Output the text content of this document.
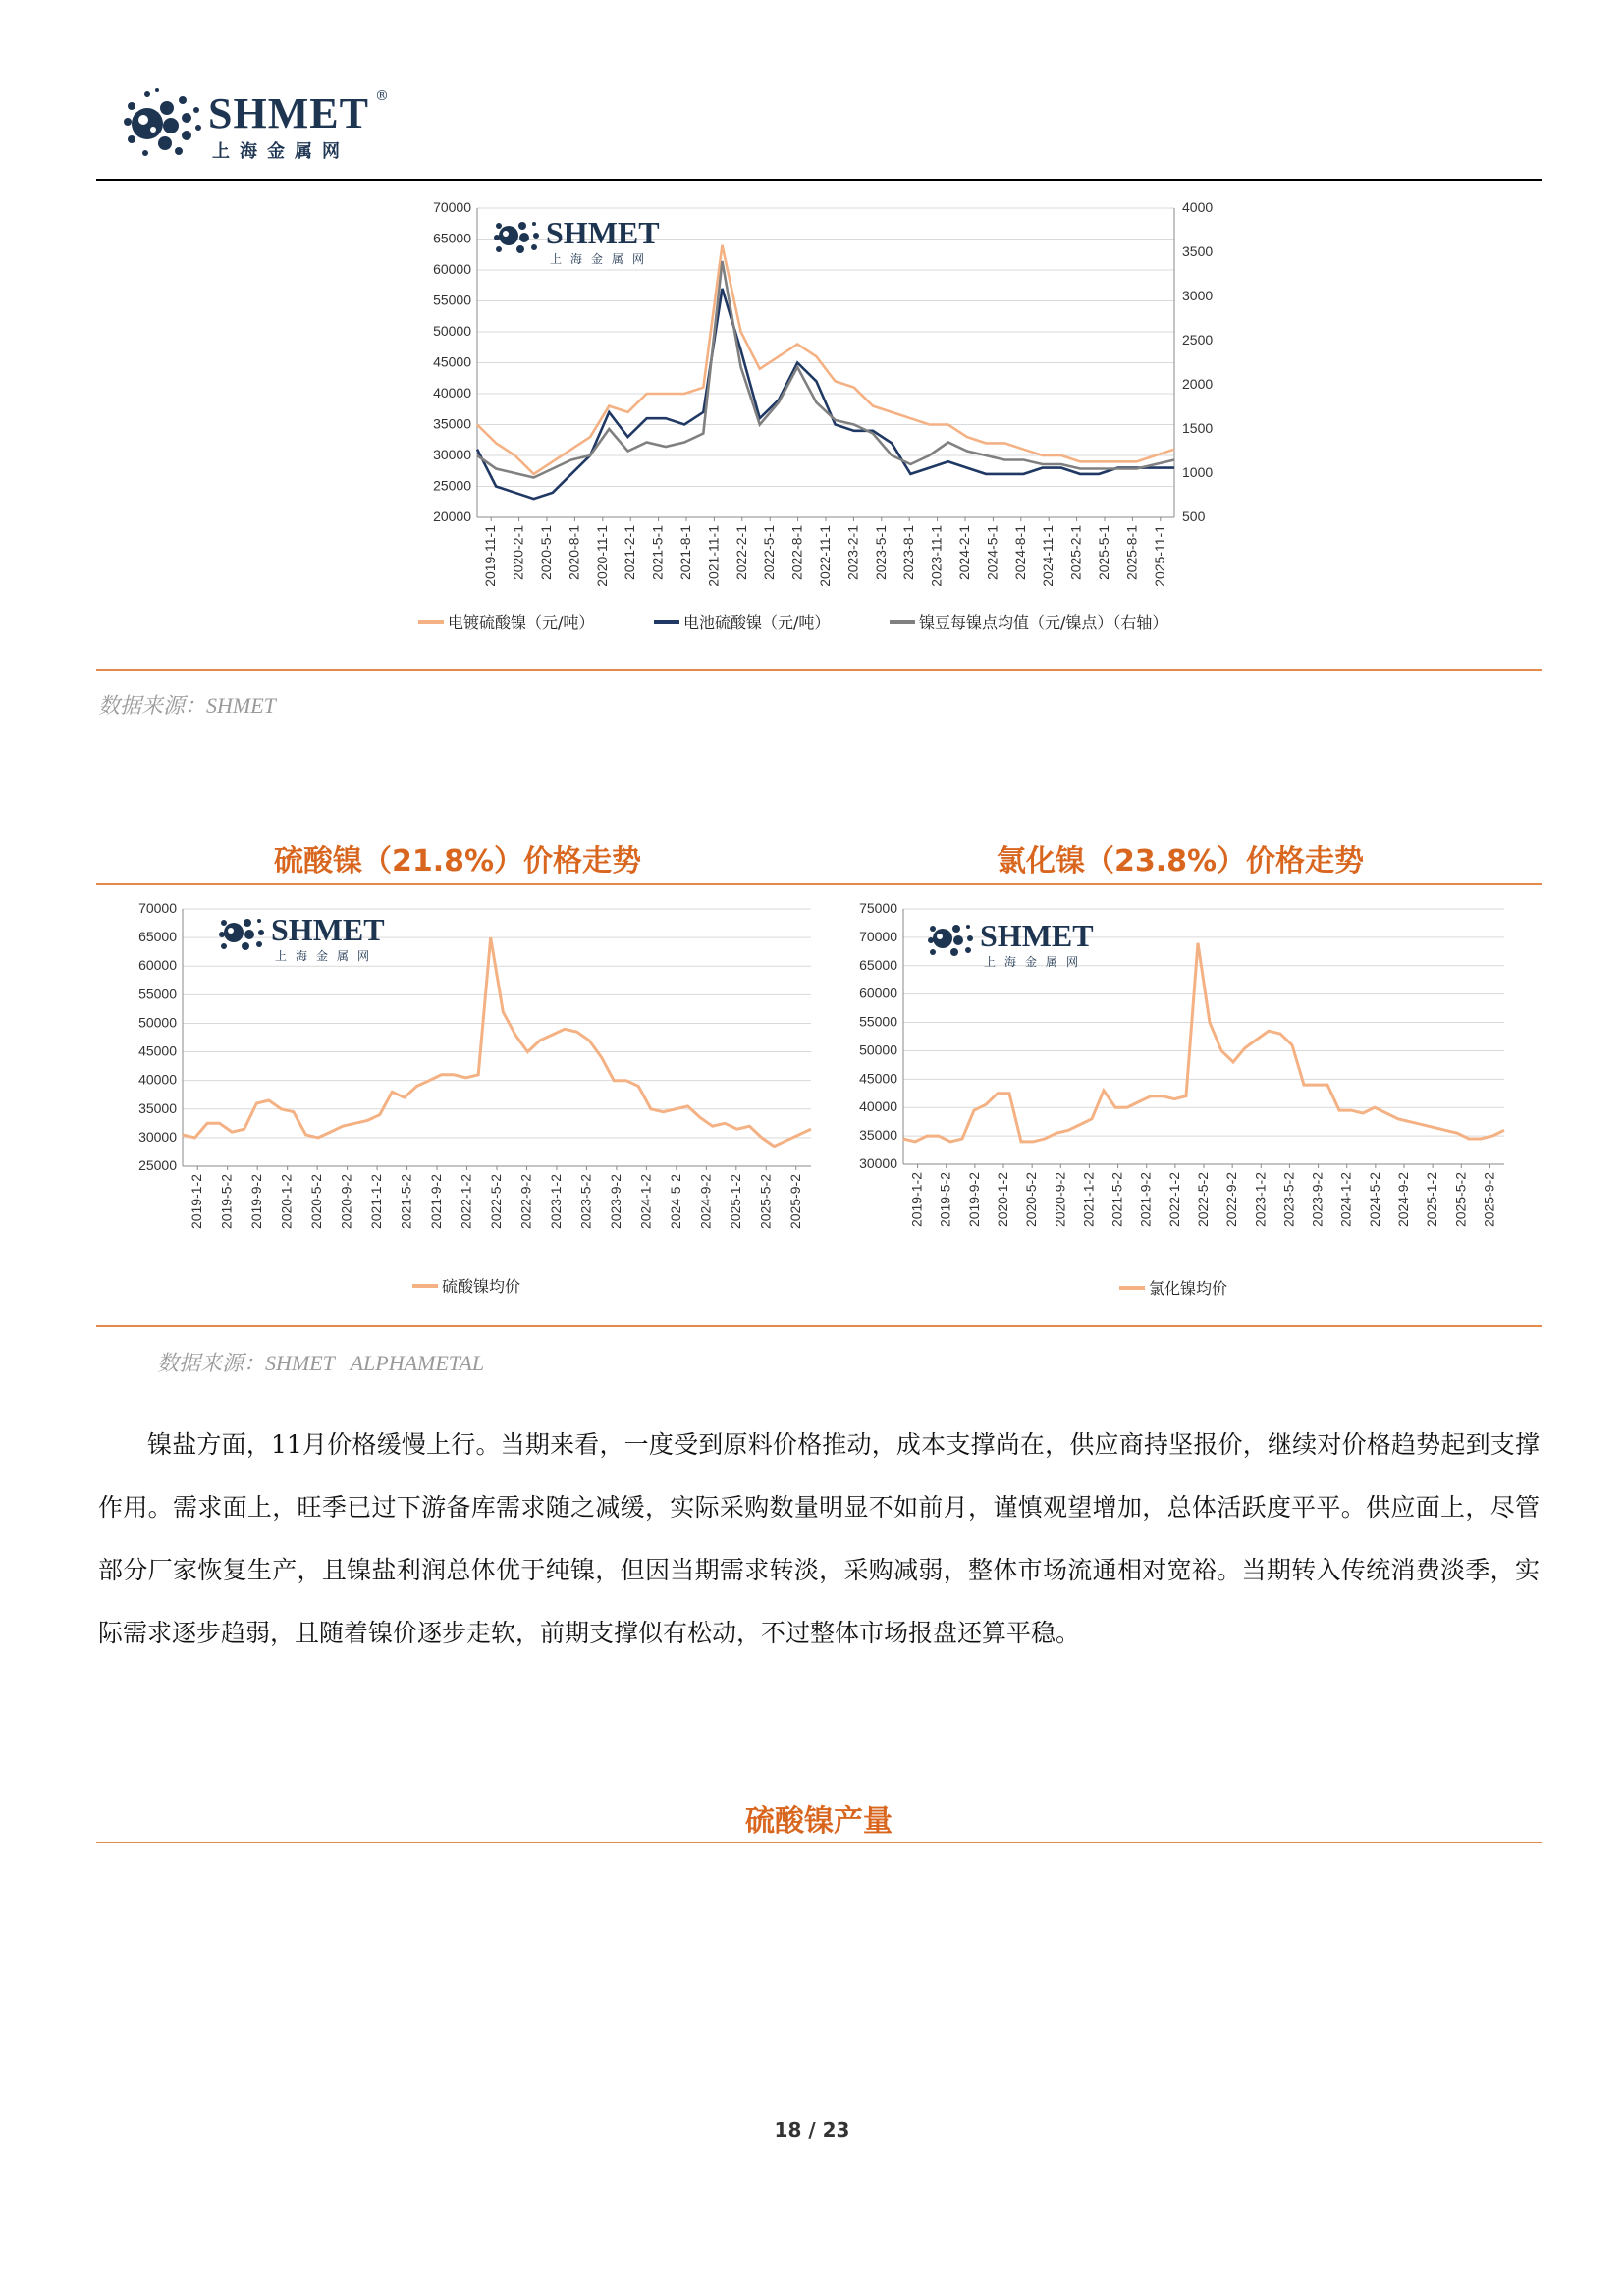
SHMET ®
上海金属网
20000
25000
30000
35000
40000
45000
50000
55000
60000
65000
70000
500
1000
1500
2000
2500
3000
3500
4000
2019-11-1 2020-2-1 2020-5-1 2020-8-1 2020-11-1 2021-2-1 2021-5-1 2021-8-1 2021-11-1 2022-2-1 2022-5-1 2022-8-1 2022-11-1 2023-2-1 2023-5-1 2023-8-1 2023-11-1 2024-2-1 2024-5-1 2024-8-1 2024-11-1 2025-2-1 2025-5-1 2025-8-1 2025-11-1
电镀硫酸镍（元/吨）	电池硫酸镍（元/吨）	镍豆每镍点均值（元/镍点）（右轴）
SHMET
上海金属网
数据来源：SHMET
硫酸镍（21.8%）价格走势	氯化镍（23.8%）价格走势
25000
30000
35000
40000
45000
50000
55000
60000
65000
70000
2019-1-2 2019-5-2 2019-9-2 2020-1-2 2020-5-2 2020-9-2 2021-1-2 2021-5-2 2021-9-2 2022-1-2 2022-5-2 2022-9-2 2023-1-2 2023-5-2 2023-9-2 2024-1-2 2024-5-2 2024-9-2 2025-1-2 2025-5-2 2025-9-2
硫酸镍均价
SHMET
上海金属网
30000
35000
40000
45000
50000
55000
60000
65000
70000
75000
2019-1-2 2019-5-2 2019-9-2 2020-1-2 2020-5-2 2020-9-2 2021-1-2 2021-5-2 2021-9-2 2022-1-2 2022-5-2 2022-9-2 2023-1-2 2023-5-2 2023-9-2 2024-1-2 2024-5-2 2024-9-2 2025-1-2 2025-5-2 2025-9-2
氯化镍均价
SHMET
上海金属网
数据来源：SHMET   ALPHAMETAL

镍盐方面，11月价格缓慢上行。当期来看，一度受到原料价格推动，成本支撑尚在，供应商持坚报价，继续对价格趋势起到支撑作用。需求面上，旺季已过下游备库需求随之减缓，实际采购数量明显不如前月，谨慎观望增加，总体活跃度平平。供应面上，尽管部分厂家恢复生产，且镍盐利润总体优于纯镍，但因当期需求转淡，采购减弱，整体市场流通相对宽裕。当期转入传统消费淡季，实际需求逐步趋弱，且随着镍价逐步走软，前期支撑似有松动，不过整体市场报盘还算平稳。

硫酸镍产量
18 / 23
